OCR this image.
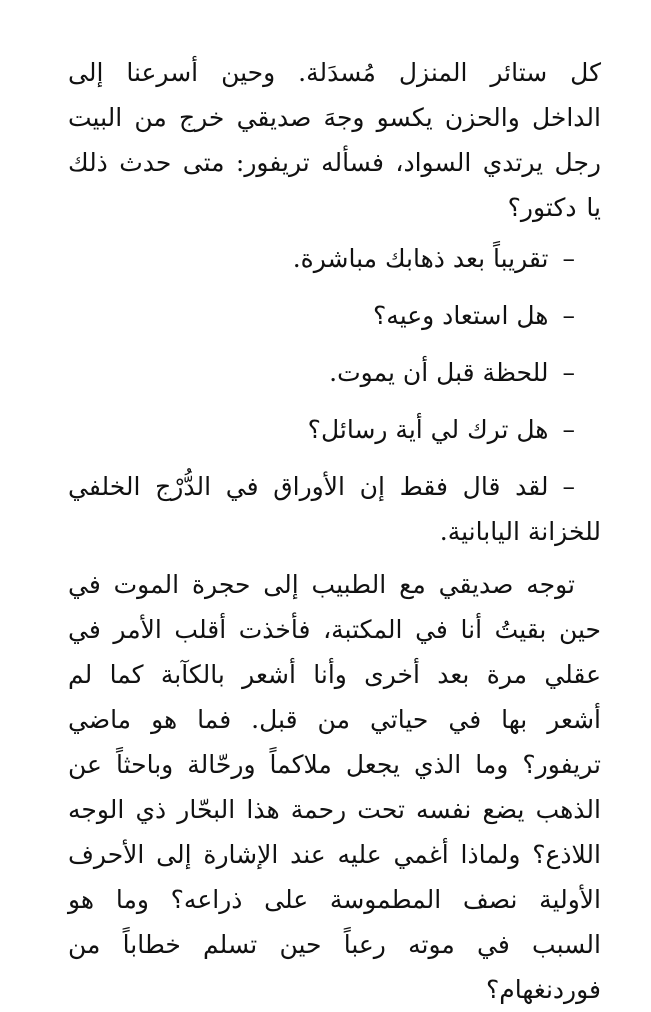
كل ستائر المنزل مُسدَلة. وحين أسرعنا إلى الداخل والحزن يكسو وجهَ صديقي خرج من البيت رجل يرتدي السواد، فسأله تريفور: متى حدث ذلك يا دكتور؟

–تقريباً بعد ذهابك مباشرة.

–هل استعاد وعيه؟

–للحظة قبل أن يموت.

–هل ترك لي أية رسائل؟

–لقد قال فقط إن الأوراق في الدُّرْج الخلفي للخزانة اليابانية.

توجه صديقي مع الطبيب إلى حجرة الموت في حين بقيتُ أنا في المكتبة، فأخذت أقلب الأمر في عقلي مرة بعد أخرى وأنا أشعر بالكآبة كما لم أشعر بها في حياتي من قبل. فما هو ماضي تريفور؟ وما الذي يجعل ملاكماً ورحّالة وباحثاً عن الذهب يضع نفسه تحت رحمة هذا البحّار ذي الوجه اللاذع؟ ولماذا أغمي عليه عند الإشارة إلى الأحرف الأولية نصف المطموسة على ذراعه؟ وما هو السبب في موته رعباً حين تسلم خطاباً من فوردنغهام؟
